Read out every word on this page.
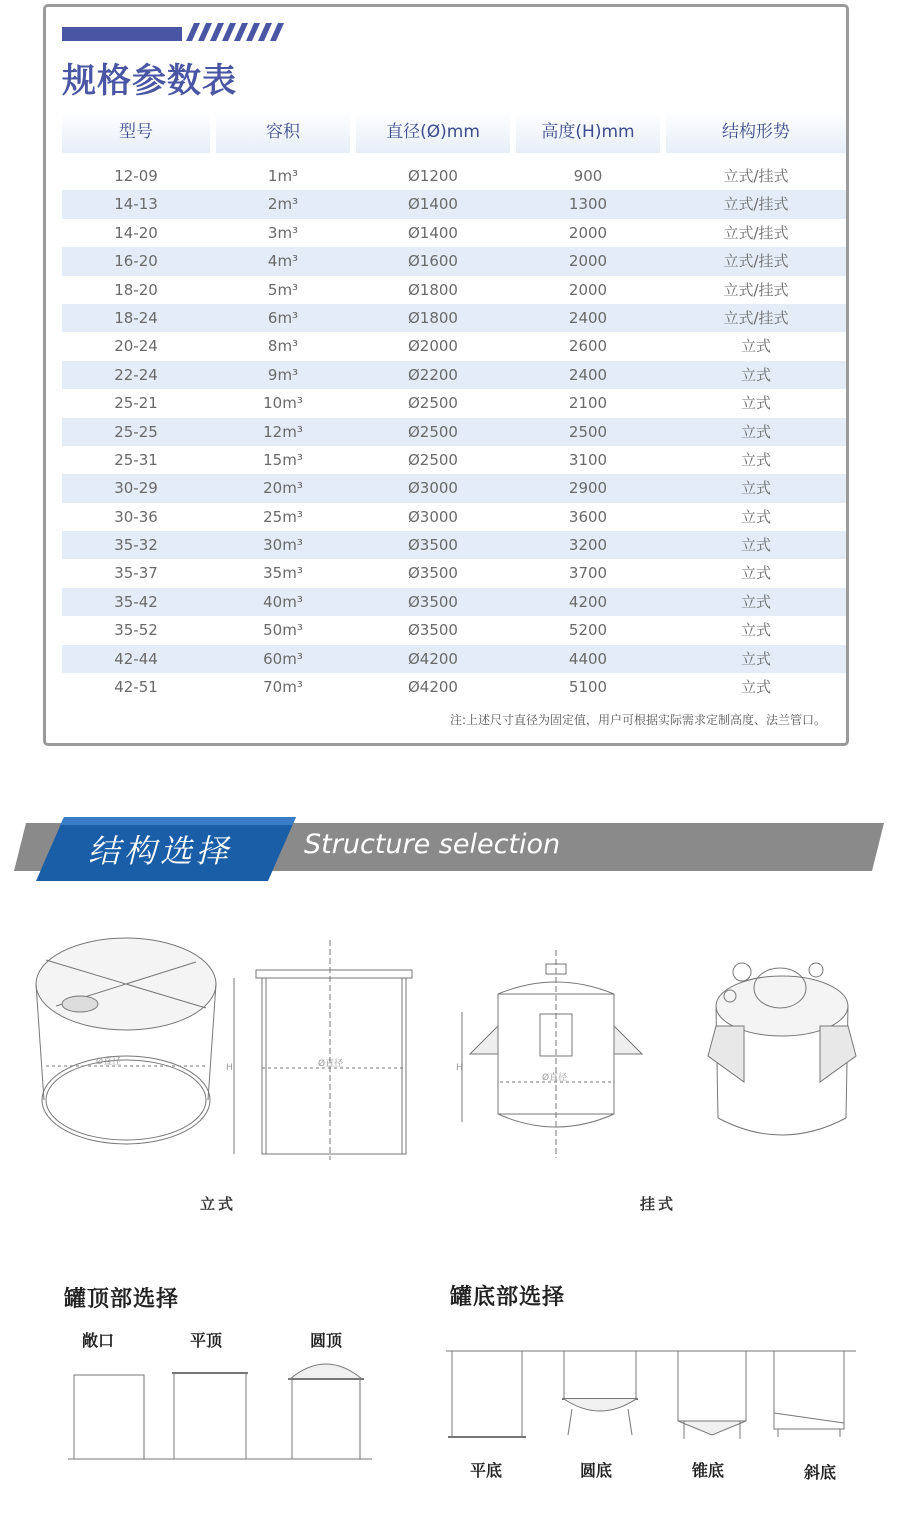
规格参数表
型号	容积	直径(Ø)mm	高度(H)mm	结构形势
12-09	1m³	Ø1200	900	立式/挂式
14-13	2m³	Ø1400	1300	立式/挂式
14-20	3m³	Ø1400	2000	立式/挂式
16-20	4m³	Ø1600	2000	立式/挂式
18-20	5m³	Ø1800	2000	立式/挂式
18-24	6m³	Ø1800	2400	立式/挂式
20-24	8m³	Ø2000	2600	立式
22-24	9m³	Ø2200	2400	立式
25-21	10m³	Ø2500	2100	立式
25-25	12m³	Ø2500	2500	立式
25-31	15m³	Ø2500	3100	立式
30-29	20m³	Ø3000	2900	立式
30-36	25m³	Ø3000	3600	立式
35-32	30m³	Ø3500	3200	立式
35-37	35m³	Ø3500	3700	立式
35-42	40m³	Ø3500	4200	立式
35-52	50m³	Ø3500	5200	立式
42-44	60m³	Ø4200	4400	立式
42-51	70m³	Ø4200	5100	立式
注:上述尺寸直径为固定值，用户可根据实际需求定制高度、法兰管口。
结构选择	Structure selection
Ø直径
H	Ø直径	H
Ø直径
立式	挂式
罐顶部选择
敞口	平顶	圆顶
罐底部选择
平底	圆底	锥底	斜底
